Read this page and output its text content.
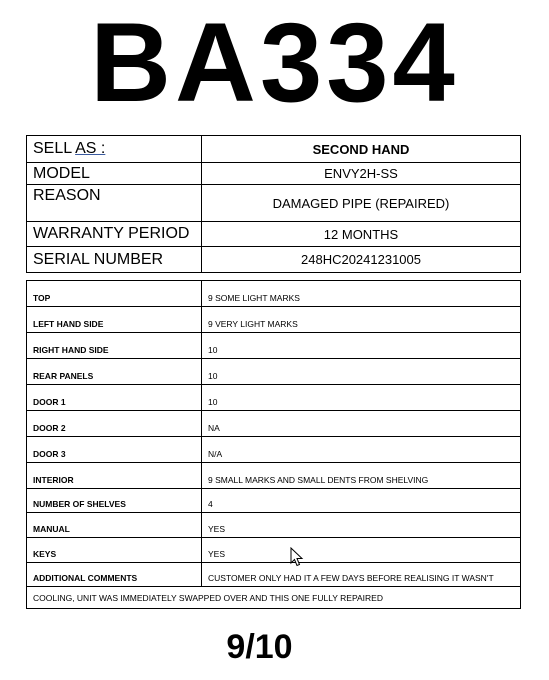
BA334
SELL AS :	SECOND HAND
MODEL	ENVY2H-SS
REASON	DAMAGED PIPE (REPAIRED)
WARRANTY PERIOD	12 MONTHS
SERIAL NUMBER	248HC20241231005
TOP	9 SOME LIGHT MARKS
LEFT HAND SIDE	9 VERY LIGHT MARKS
RIGHT HAND SIDE	10
REAR PANELS	10
DOOR 1	10
DOOR 2	NA
DOOR 3	N/A
INTERIOR	9 SMALL MARKS AND SMALL DENTS FROM SHELVING
NUMBER OF SHELVES	4
MANUAL	YES
KEYS	YES
ADDITIONAL COMMENTS	CUSTOMER ONLY HAD IT A FEW DAYS BEFORE REALISING IT WASN'T
COOLING, UNIT WAS IMMEDIATELY SWAPPED OVER AND THIS ONE FULLY REPAIRED	
9/10
